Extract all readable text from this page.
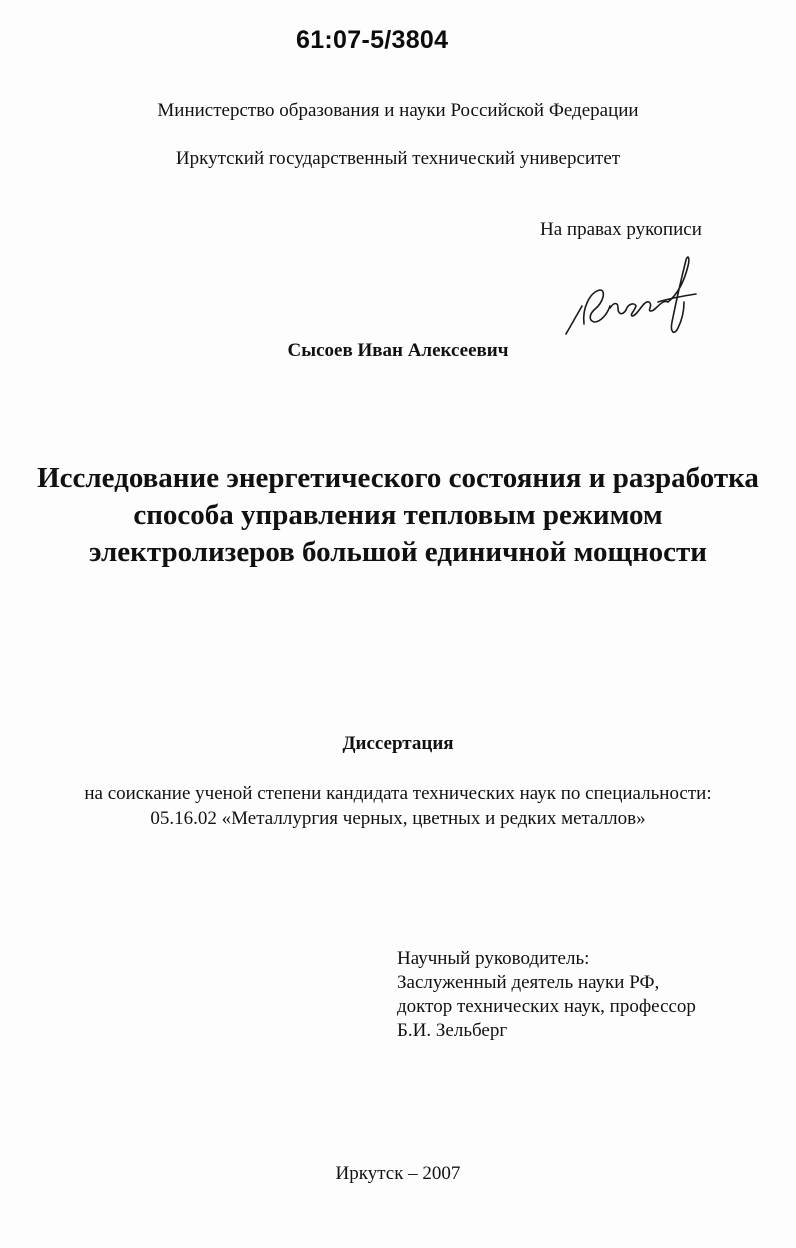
61:07-5/3804

Министерство образования и науки Российской Федерации

Иркутский государственный технический университет

На правах рукописи

Сысоев Иван Алексеевич

Исследование энергетического состояния и разработка
способа управления тепловым режимом
электролизеров большой единичной мощности

Диссертация

на соискание ученой степени кандидата технических наук по специальности:
05.16.02 «Металлургия черных, цветных и редких металлов»
Научный руководитель:
Заслуженный деятель науки РФ,
доктор технических наук, профессор
Б.И. Зельберг

Иркутск – 2007
